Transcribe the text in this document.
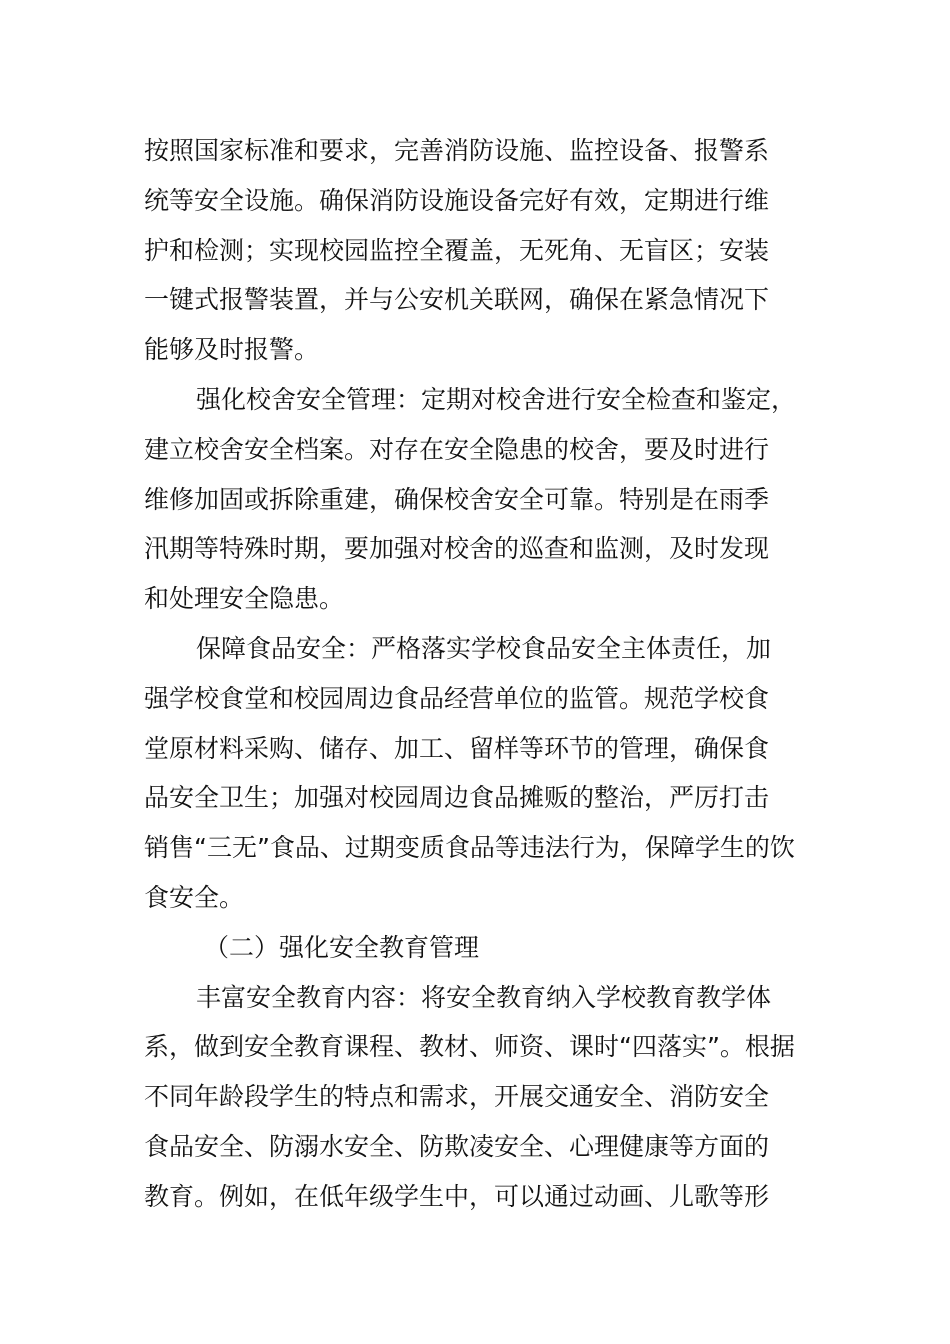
按照国家标准和要求，完善消防设施、监控设备、报警系
统等安全设施。确保消防设施设备完好有效，定期进行维
护和检测；实现校园监控全覆盖，无死角、无盲区；安装
一键式报警装置，并与公安机关联网，确保在紧急情况下
能够及时报警。
强化校舍安全管理：定期对校舍进行安全检查和鉴定，
建立校舍安全档案。对存在安全隐患的校舍，要及时进行
维修加固或拆除重建，确保校舍安全可靠。特别是在雨季
汛期等特殊时期，要加强对校舍的巡查和监测，及时发现
和处理安全隐患。
保障食品安全：严格落实学校食品安全主体责任，加
强学校食堂和校园周边食品经营单位的监管。规范学校食
堂原材料采购、储存、加工、留样等环节的管理，确保食
品安全卫生；加强对校园周边食品摊贩的整治，严厉打击
销售“三无”食品、过期变质食品等违法行为，保障学生的饮
食安全。
（二）强化安全教育管理
丰富安全教育内容：将安全教育纳入学校教育教学体
系，做到安全教育课程、教材、师资、课时“四落实”。根据
不同年龄段学生的特点和需求，开展交通安全、消防安全
食品安全、防溺水安全、防欺凌安全、心理健康等方面的
教育。例如，在低年级学生中，可以通过动画、儿歌等形
